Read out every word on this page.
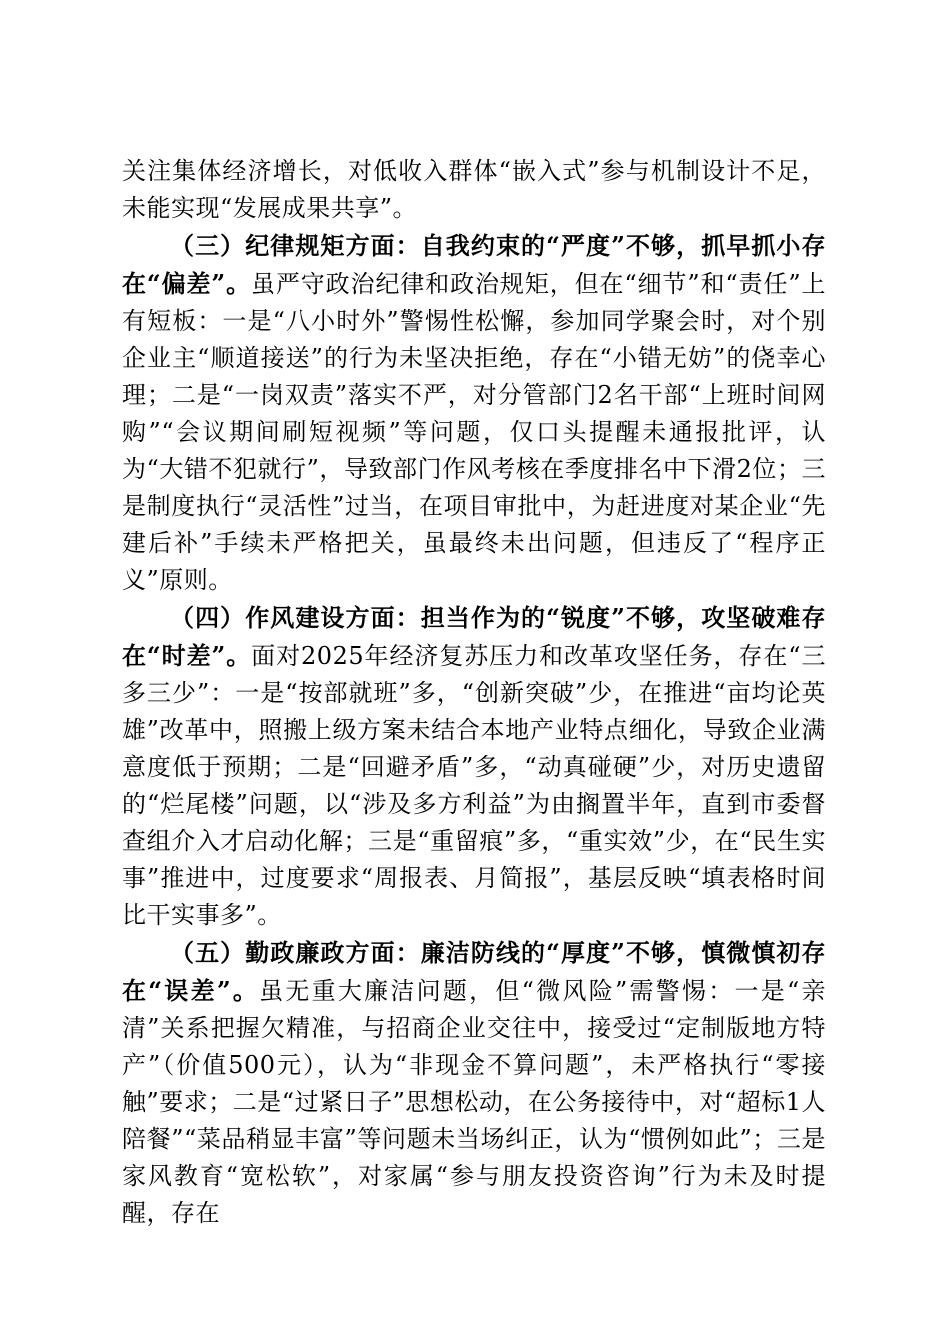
关注集体经济增长，对低收入群体“嵌入式”参与机制设计不足，未能实现“发展成果共享”。

（三）纪律规矩方面：自我约束的“严度”不够，抓早抓小存在“偏差”。虽严守政治纪律和政治规矩，但在“细节”和“责任”上有短板：一是“八小时外”警惕性松懈，参加同学聚会时，对个别企业主“顺道接送”的行为未坚决拒绝，存在“小错无妨”的侥幸心理；二是“一岗双责”落实不严，对分管部门2名干部“上班时间网购”“会议期间刷短视频”等问题，仅口头提醒未通报批评，认为“大错不犯就行”，导致部门作风考核在季度排名中下滑2位；三是制度执行“灵活性”过当，在项目审批中，为赶进度对某企业“先建后补”手续未严格把关，虽最终未出问题，但违反了“程序正义”原则。

（四）作风建设方面：担当作为的“锐度”不够，攻坚破难存在“时差”。面对2025年经济复苏压力和改革攻坚任务，存在“三多三少”：一是“按部就班”多，“创新突破”少，在推进“亩均论英雄”改革中，照搬上级方案未结合本地产业特点细化，导致企业满意度低于预期；二是“回避矛盾”多，“动真碰硬”少，对历史遗留的“烂尾楼”问题，以“涉及多方利益”为由搁置半年，直到市委督查组介入才启动化解；三是“重留痕”多，“重实效”少，在“民生实事”推进中，过度要求“周报表、月简报”，基层反映“填表格时间比干实事多”。

（五）勤政廉政方面：廉洁防线的“厚度”不够，慎微慎初存在“误差”。虽无重大廉洁问题，但“微风险”需警惕：一是“亲清”关系把握欠精准，与招商企业交往中，接受过“定制版地方特产”（价值500元），认为“非现金不算问题”，未严格执行“零接触”要求；二是“过紧日子”思想松动，在公务接待中，对“超标1人陪餐”“菜品稍显丰富”等问题未当场纠正，认为“惯例如此”；三是家风教育“宽松软”，对家属“参与朋友投资咨询”行为未及时提醒，存在
